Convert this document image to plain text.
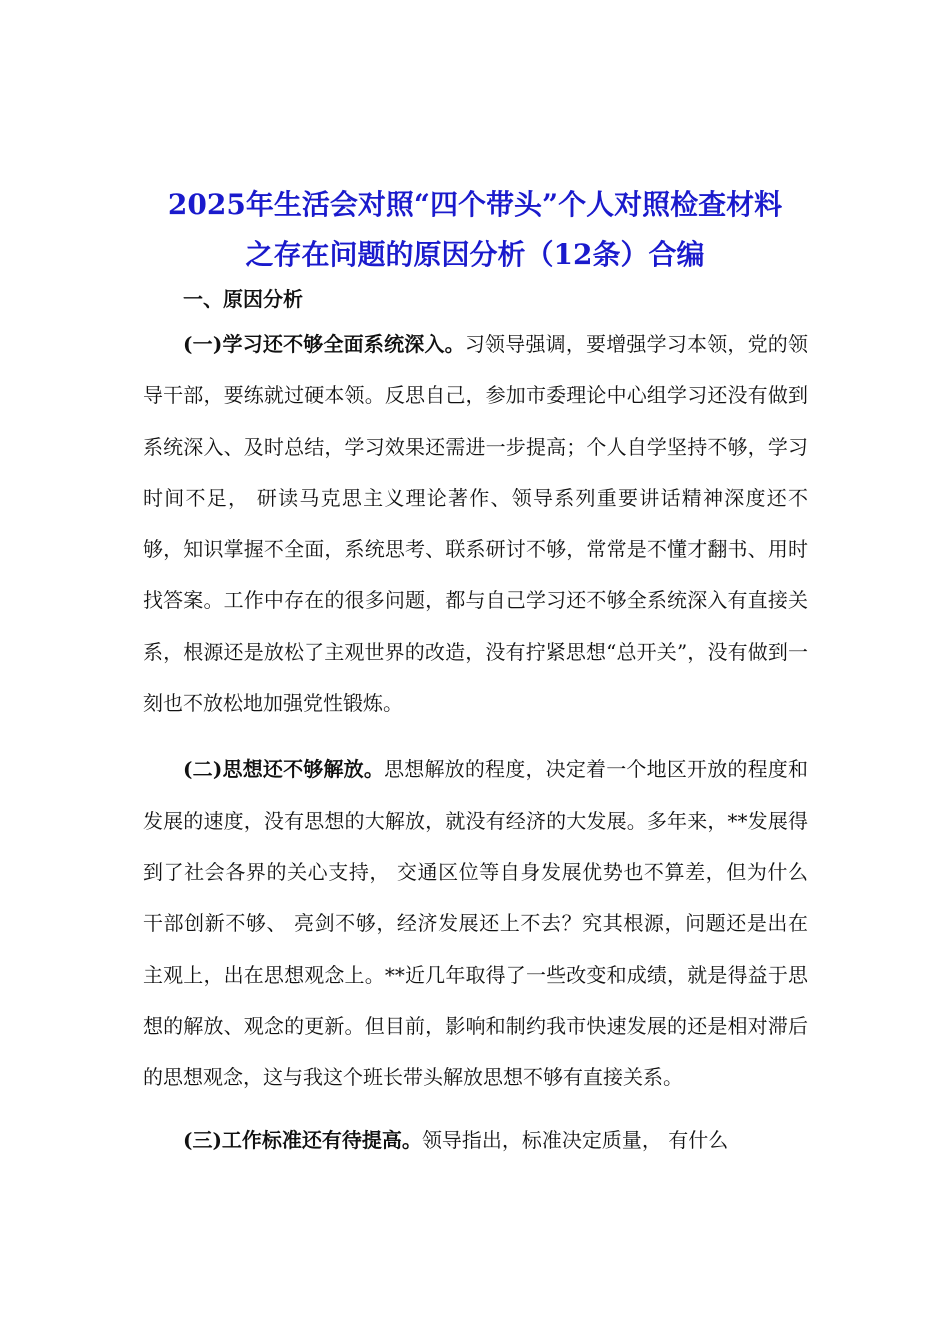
2025年生活会对照“四个带头”个人对照检查材料
之存在问题的原因分析（12条）合编
一、原因分析

(一)学习还不够全面系统深入。习领导强调，要增强学习本领，党的领导干部，要练就过硬本领。反思自己，参加市委理论中心组学习还没有做到系统深入、及时总结，学习效果还需进一步提高；个人自学坚持不够，学习时间不足， 研读马克思主义理论著作、领导系列重要讲话精神深度还不够，知识掌握不全面，系统思考、联系研讨不够，常常是不懂才翻书、用时找答案。工作中存在的很多问题，都与自己学习还不够全系统深入有直接关系，根源还是放松了主观世界的改造，没有拧紧思想“总开关”，没有做到一刻也不放松地加强党性锻炼。

(二)思想还不够解放。思想解放的程度，决定着一个地区开放的程度和发展的速度，没有思想的大解放，就没有经济的大发展。多年来，**发展得到了社会各界的关心支持， 交通区位等自身发展优势也不算差，但为什么干部创新不够、 亮剑不够，经济发展还上不去？究其根源，问题还是出在主观上，出在思想观念上。**近几年取得了一些改变和成绩，就是得益于思想的解放、观念的更新。但目前，影响和制约我市快速发展的还是相对滞后的思想观念，这与我这个班长带头解放思想不够有直接关系。

(三)工作标准还有待提高。领导指出，标准决定质量， 有什么
